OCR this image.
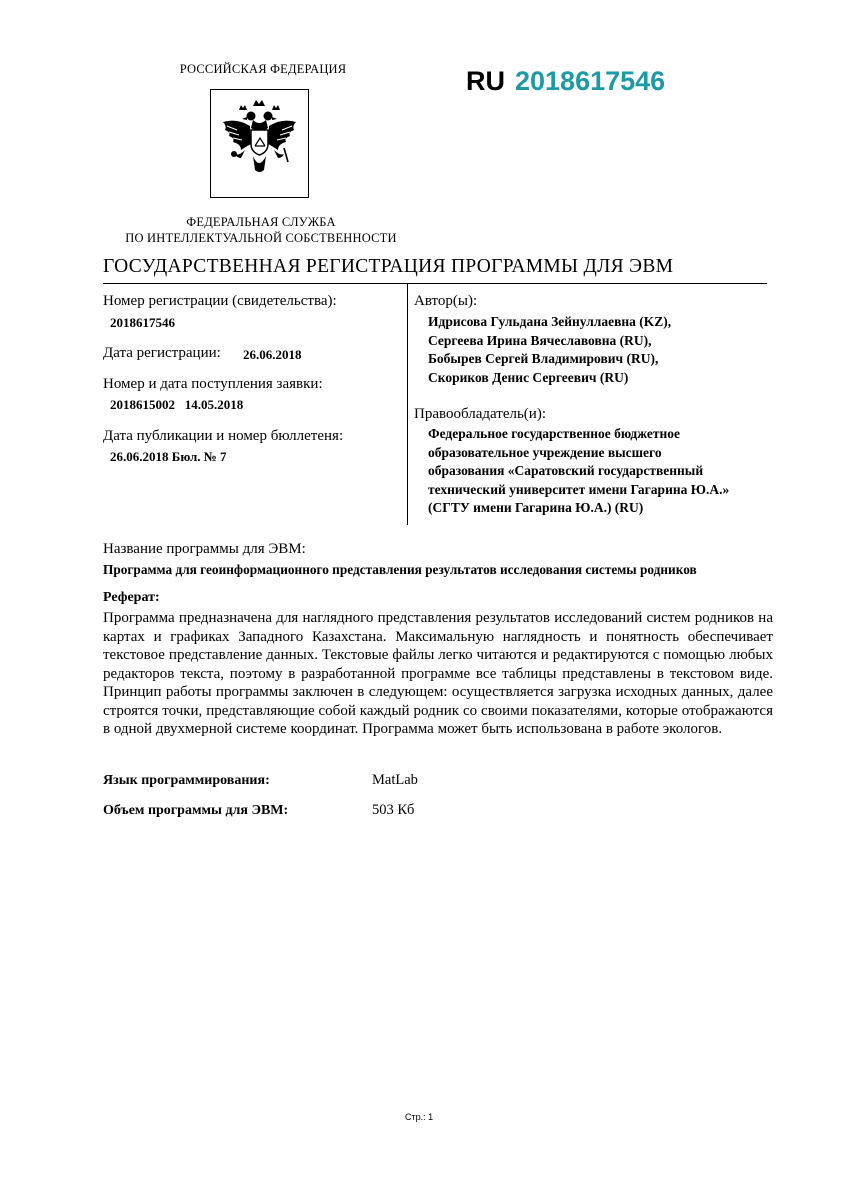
РОССИЙСКАЯ ФЕДЕРАЦИЯ
ФЕДЕРАЛЬНАЯ СЛУЖБА
ПО ИНТЕЛЛЕКТУАЛЬНОЙ СОБСТВЕННОСТИ
RU 2018617546
ГОСУДАРСТВЕННАЯ РЕГИСТРАЦИЯ ПРОГРАММЫ ДЛЯ ЭВМ
Номер регистрации (свидетельства):
2018617546
Дата регистрации: 26.06.2018
Номер и дата поступления заявки:
2018615002   14.05.2018
Дата публикации и номер бюллетеня:
26.06.2018 Бюл. № 7
Автор(ы):
Идрисова Гульдана Зейнуллаевна (KZ),
Сергеева Ирина Вячеславовна (RU),
Бобырев Сергей Владимирович (RU),
Скориков Денис Сергеевич (RU)
Правообладатель(и):
Федеральное государственное бюджетное
образовательное учреждение высшего
образования «Саратовский государственный
технический университет имени Гагарина Ю.А.»
(СГТУ имени Гагарина Ю.А.) (RU)
Название программы для ЭВМ:
Программа для геоинформационного представления результатов исследования системы родников
Реферат:
Программа предназначена для наглядного представления результатов исследований систем родников на картах и графиках Западного Казахстана. Максимальную наглядность и понятность обеспечивает текстовое представление данных. Текстовые файлы легко читаются и редактируются с помощью любых редакторов текста, поэтому в разработанной программе все таблицы представлены в текстовом виде. Принцип работы программы заключен в следующем: осуществляется загрузка исходных данных, далее строятся точки, представляющие собой каждый родник со своими показателями, которые отображаются в одной двухмерной системе координат. Программа может быть использована в работе экологов.
Язык программирования:	MatLab
Объем программы для ЭВМ:	503 Кб
Стр.: 1
